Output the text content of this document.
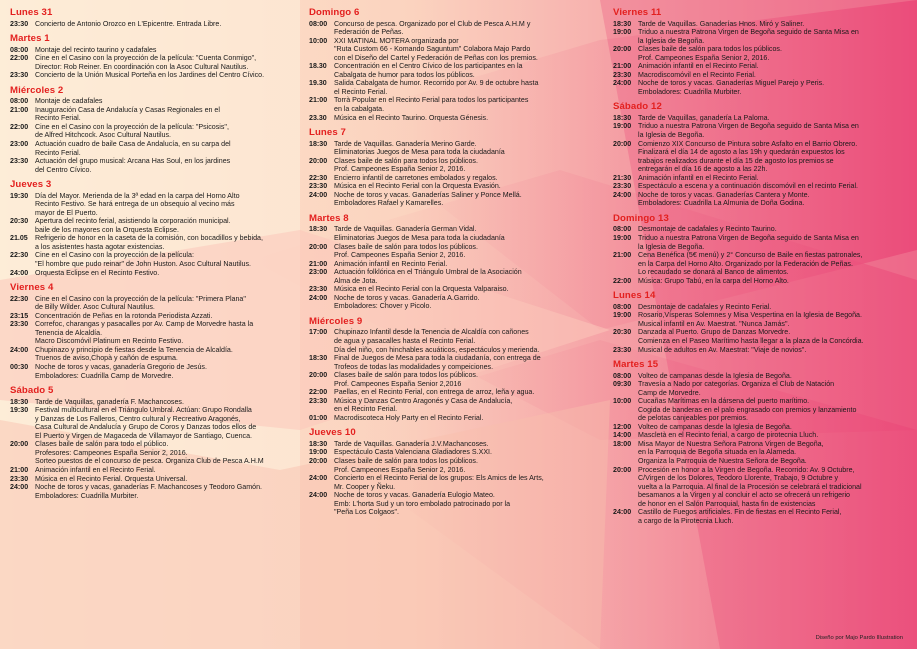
Lunes 31
23:30 Concierto de Antonio Orozco en L'Epicentre. Entrada Libre.
Martes 1
08:00 Montaje del recinto taurino y cadafales
22:00 Cine en el Casino con la proyección de la película: "Cuenta Conmigo",
Director: Rob Reiner. En coordinación con la Asoc Cultural Nautilus.
23:30 Concierto de la Unión Musical Porteña en los Jardines del Centro Cívico.
Miércoles 2
08:00 Montaje de cadafales
21:00 Inauguración Casa de Andalucía y Casas Regionales en el
Recinto Ferial.
22:00 Cine en el Casino con la proyección de la película: "Psicosis",
de Alfred Hitchcock. Asoc Cultural Nautilus.
23:00 Actuación cuadro de baile Casa de Andalucía, en su carpa del
Recinto Ferial.
23:30 Actuación del grupo musical: Arcana Has Soul, en los jardines
del Centro Cívico.
Jueves 3
19:30 Día del Mayor. Merienda de la 3ª edad en la carpa del Horno Alto
Recinto Festivo. Se hará entrega de un obsequio al vecino más
mayor de El Puerto.
20:30 Apertura del recinto ferial, asistiendo la corporación municipal.
baile de los mayores con la Orquesta Eclipse.
21.05	Refrigerio de honor en la caseta de la comisión, con bocadillos y bebida,
a los asistentes hasta agotar existencias.
22:30 Cine en el Casino con la proyección de la película:
"El hombre que pudo reinar" de John Huston. Asoc Cultural Nautilus.
24:00 Orquesta Eclipse en el Recinto Festivo.
Viernes 4
22:30 Cine en el Casino con la proyección de la película: "Primera Plana"
de Billy Wilder. Asoc Cultural Nautilus.
23:15 Concentración de Peñas en la rotonda Periodista Azzati.
23:30 Correfoc, charangas y pasacalles por Av. Camp de Morvedre hasta la
Tenencia de Alcaldía.
Macro Discomóvil Platinum en Recinto Festivo.
24:00 Chupinazo y principio de fiestas desde la Tenencia de Alcaldía.
Truenos de aviso,Chopà y cañón de espuma.
00:30 Noche de toros y vacas, ganadería Gregorio de Jesús.
Emboladores: Cuadrilla Camp de Morvedre.
Sábado 5
18:30 Tarde de Vaquillas, ganadería F. Machancoses.
19:30 Festival multicultural en el Triángulo Umbral. Actúan: Grupo Rondalla
y Danzas de Los Falleros, Centro cultural y Recreativo Aragonés,
Casa Cultural de Andalucía y Grupo de Coros y Danzas todos ellos de
El Puerto y Virgen de Magaceda de Villamayor de Santiago, Cuenca.
20:00 Clases baile de salón para todo el público.
Profesores: Campeones España Senior 2, 2016.
Sorteo puestos de el concurso de pesca. Organiza Club de Pesca A.H.M
21:00 Animación infantil en el Recinto Ferial.
23:30 Música en el Recinto Ferial. Orquesta Universal.
24:00 Noche de toros y vacas, ganaderías F. Machancoses y Teodoro Gamón.
Emboladores: Cuadrilla Murbiter.
Domingo 6
08:00 Concurso de pesca. Organizado por el Club de Pesca A.H.M y
Federación de Peñas.
10:00 XXI MATINAL MOTERA organizada por
"Ruta Custom 66 - Komando Saguntum" Colabora Majo Pardo
con el Diseño del Cartel y Federación de Peñas con los premios.
18.30	Concentración en el Centro Cívico de los participantes en la
Cabalgata de humor para todos los públicos.
19.30	Salida Cabalgata de humor. Recorrido por Av. 9 de octubre hasta
el Recinto Ferial.
21:00 Torrà Popular en el Recinto Ferial para todos los participantes
en la cabalgata.
23.30	Música en el Recinto Taurino. Orquesta Génesis.
Lunes 7
18:30 Tarde de Vaquillas. Ganadería Merino Garde.
Eliminatorias Juegos de Mesa para toda la ciudadanía
20:00 Clases baile de salón para todos los públicos.
Prof. Campeones España Senior 2, 2016.
22:30 Encierro infantil de carretones embolados y regalos.
23:30 Música en el Recinto Ferial con la Orquesta Evasión.
24:00 Noche de toros y vacas. Ganaderías Saliner y Ponce Mellá.
Emboladores Rafael y Kamarelles.
Martes 8
18:30 Tarde de Vaquillas. Ganadería German Vidal.
Eliminatorias Juegos de Mesa para toda la ciudadanía
20:00 Clases baile de salón para todos los públicos.
Prof. Campeones España Senior 2, 2016.
21:00 Animación infantil en Recinto Ferial.
23:00 Actuación folklórica en el Triángulo Umbral de la Asociación
Alma de Jota.
23:30 Música en el Recinto Ferial con la Orquesta Valparaiso.
24:00 Noche de toros y vacas. Ganadería A.Garrido.
Emboladores: Chover y Picolo.
Miércoles 9
17:00 Chupinazo Infantil desde la Tenencia de Alcaldía con cañones
de agua y pasacalles hasta el Recinto Ferial.
Día del niño, con hinchables acuáticos, espectáculos y merienda.
18:30 Final de Juegos de Mesa para toda la ciudadanía, con entrega de
Trofeos de todas las modalidades y compeiciones.
20:00 Clases baile de salón para todos los públicos.
Prof. Campeones España Senior 2,2016
22:00 Paellas, en el Recinto Ferial, con entrega de arroz, leña y agua.
23:30 Música y Danzas Centro Aragonés y Casa de Andalucía,
en el Recinto Ferial.
01:00 Macrodiscoteca Holy Party en el Recinto Ferial.
Jueves 10
18:30 Tarde de Vaquillas. Ganadería J.V.Machancoses.
19:00 Espectáculo Casta Valenciana Gladiadores S.XXI.
20:00 Clases baile de salón para todos los públicos.
Prof. Campeones España Senior 2, 2016.
24:00 Concierto en el Recinto Ferial de los grupos: Els Amics de les Arts,
Mr. Cooper y Ñeku.
24:00 Noche de toros y vacas. Ganadería Eulogio Mateo.
Emb: L'horta Sud y un toro embolado patrocinado por la
"Peña Los Colgaos".
Viernes 11
18:30 Tarde de Vaquillas. Ganaderías Hnos. Miró y Saliner.
19:00 Triduo a nuestra Patrona Virgen de Begoña seguido de Santa Misa en
la Iglesia de Begoña.
20:00 Clases baile de salón para todos los públicos.
Prof. Campeones España Senior 2, 2016.
21:00 Animación infantil en el Recinto Ferial.
23:30 Macrodiscomóvil en el Recinto Ferial.
24:00 Noche de toros y vacas. Ganaderías Miguel Parejo y Peris.
Emboladores: Cuadrilla Murbiter.
Sábado 12
18:30 Tarde de Vaquillas, ganadería La Paloma.
19:00 Triduo a nuestra Patrona Virgen de Begoña seguido de Santa Misa en
la Iglesia de Begoña.
20:00 Comienzo XIX Concurso de Pintura sobre Asfalto en el Barrio Obrero.
Finalizará el día 14 de agosto a las 19h y quedarán expuestos los
trabajos realizados durante el día 15 de agosto los premios se
entregarán el día 16 de agosto a las 22h.
21:30 Animación infantil en el Recinto Ferial.
23:30 Espectáculo a escena y a continuación discomóvil en el recinto Ferial.
24:00 Noche de toros y vacas. Ganaderías Cantera y Monte.
Emboladores: Cuadrilla La Almunia de Doña Godina.
Domingo 13
08:00 Desmontaje de cadafales y Recinto Taurino.
19:00 Triduo a nuestra Patrona Virgen de Begoña seguido de Santa Misa en
la Iglesia de Begoña.
21:00 Cena Benéfica (5€ menú) y 2° Concurso de Baile en fiestas patronales,
en la Carpa del Horno Alto. Organizado por la Federación de Peñas.
Lo recaudado se donará al Banco de alimentos.
22:00 Música: Grupo Tabú, en la carpa del Horno Alto.
Lunes 14
08:00 Desmontaje de cadafales y Recinto Ferial.
19:00 Rosario,Vísperas Solemnes y Misa Vespertina en la Iglesia de Begoña.
Musical infantil en Av. Maestrat. "Nunca Jamás".
20:30 Danzada al Puerto. Grupo de Danzas Morvedre.
Comienza en el Paseo Marítimo hasta llegar a la plaza de la Concórdia.
23:30 Musical de adultos en Av. Maestrat: "Viaje de novios".
Martes 15
08:00 Volteo de campanas desde la Iglesia de Begoña.
09:30 Travesía a Nado por categorías. Organiza el Club de Natación
Camp de Morvedre.
10:00 Cucañas Marítimas en la dársena del puerto marítimo.
Cogida de banderas en el palo engrasado con premios y lanzamiento
de pelotas canjeables por premios.
12:00 Volteo de campanas desde la Iglesia de Begoña.
14:00 Mascletà en el Recinto ferial, a cargo de pirotecnia Lluch.
18:00 Misa Mayor de Nuestra Señora Patrona Virgen de Begoña,
en la Parroquia de Begoña situada en la Alameda.
Organiza la Parroquia de Nuestra Señora de Begoña.
20:00 Procesión en honor a la Virgen de Begoña. Recorrido: Av. 9 Octubre,
C/Virgen de los Dolores, Teodoro Llorente, Trabajo, 9 Octubre y
vuelta a la Parroquia. Al final de la Procesión se celebrará el tradicional
besamanos a la Virgen y al concluir el acto se ofrecerá un refrigerio
de honor en el Salón Parroquial, hasta fin de existencias
24:00 Castillo de Fuegos artificiales. Fin de fiestas en el Recinto Ferial,
a cargo de la Pirotecnia Lluch.
Diseño por Majo Pardo Illustration
